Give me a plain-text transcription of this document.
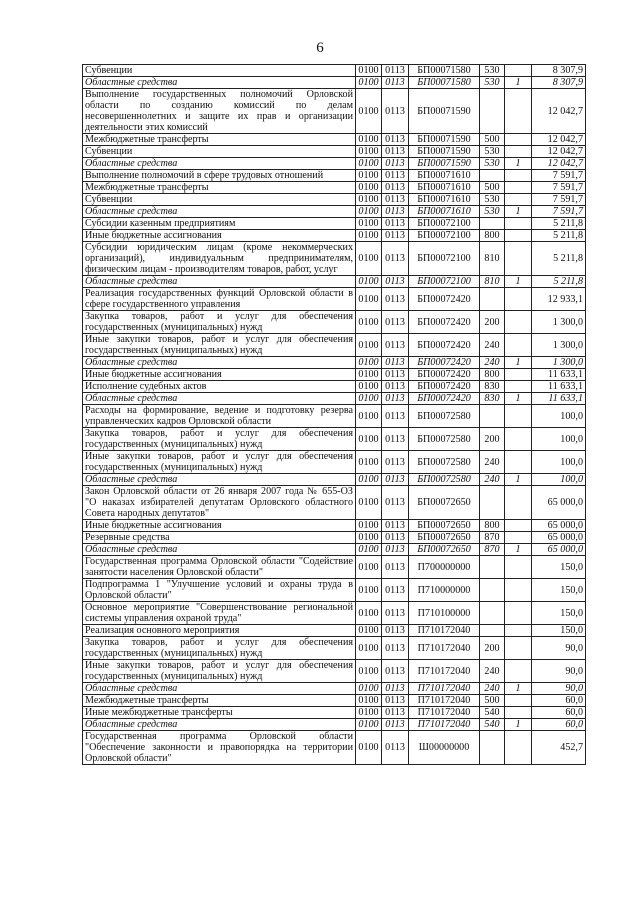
6
Субвенции	0100	0113	БП00071580	530		8 307,9
Областные средства	0100	0113	БП00071580	530	1	8 307,9
Выполнение государственных полномочий Орловской области по созданию комиссий по делам несовершеннолетних и защите их прав и организации деятельности этих комиссий	0100	0113	БП00071590			12 042,7
Межбюджетные трансферты	0100	0113	БП00071590	500		12 042,7
Субвенции	0100	0113	БП00071590	530		12 042,7
Областные средства	0100	0113	БП00071590	530	1	12 042,7
Выполнение полномочий в сфере трудовых отношений	0100	0113	БП00071610			7 591,7
Межбюджетные трансферты	0100	0113	БП00071610	500		7 591,7
Субвенции	0100	0113	БП00071610	530		7 591,7
Областные средства	0100	0113	БП00071610	530	1	7 591,7
Субсидии казенным предприятиям	0100	0113	БП00072100			5 211,8
Иные бюджетные ассигнования	0100	0113	БП00072100	800		5 211,8
Субсидии юридическим лицам (кроме некоммерческих организаций), индивидуальным предпринимателям, физическим лицам - производителям товаров, работ, услуг	0100	0113	БП00072100	810		5 211,8
Областные средства	0100	0113	БП00072100	810	1	5 211,8
Реализация государственных функций Орловской области в сфере государственного управления	0100	0113	БП00072420			12 933,1
Закупка товаров, работ и услуг для обеспечения государственных (муниципальных) нужд	0100	0113	БП00072420	200		1 300,0
Иные закупки товаров, работ и услуг для обеспечения государственных (муниципальных) нужд	0100	0113	БП00072420	240		1 300,0
Областные средства	0100	0113	БП00072420	240	1	1 300,0
Иные бюджетные ассигнования	0100	0113	БП00072420	800		11 633,1
Исполнение судебных актов	0100	0113	БП00072420	830		11 633,1
Областные средства	0100	0113	БП00072420	830	1	11 633,1
Расходы на формирование, ведение и подготовку резерва управленческих кадров Орловской области	0100	0113	БП00072580			100,0
Закупка товаров, работ и услуг для обеспечения государственных (муниципальных) нужд	0100	0113	БП00072580	200		100,0
Иные закупки товаров, работ и услуг для обеспечения государственных (муниципальных) нужд	0100	0113	БП00072580	240		100,0
Областные средства	0100	0113	БП00072580	240	1	100,0
Закон Орловской области от 26 января 2007 года № 655-ОЗ "О наказах избирателей депутатам Орловского областного Совета народных депутатов"	0100	0113	БП00072650			65 000,0
Иные бюджетные ассигнования	0100	0113	БП00072650	800		65 000,0
Резервные средства	0100	0113	БП00072650	870		65 000,0
Областные средства	0100	0113	БП00072650	870	1	65 000,0
Государственная программа Орловской области "Содействие занятости населения Орловской области"	0100	0113	П700000000			150,0
Подпрограмма 1 "Улучшение условий и охраны труда в Орловской области"	0100	0113	П710000000			150,0
Основное мероприятие "Совершенствование региональной системы управления охраной труда"	0100	0113	П710100000			150,0
Реализация основного мероприятия	0100	0113	П710172040			150,0
Закупка товаров, работ и услуг для обеспечения государственных (муниципальных) нужд	0100	0113	П710172040	200		90,0
Иные закупки товаров, работ и услуг для обеспечения государственных (муниципальных) нужд	0100	0113	П710172040	240		90,0
Областные средства	0100	0113	П710172040	240	1	90,0
Межбюджетные трансферты	0100	0113	П710172040	500		60,0
Иные межбюджетные трансферты	0100	0113	П710172040	540		60,0
Областные средства	0100	0113	П710172040	540	1	60,0
Государственная программа Орловской области "Обеспечение законности и правопорядка на территории Орловской области"	0100	0113	Ш00000000			452,7
